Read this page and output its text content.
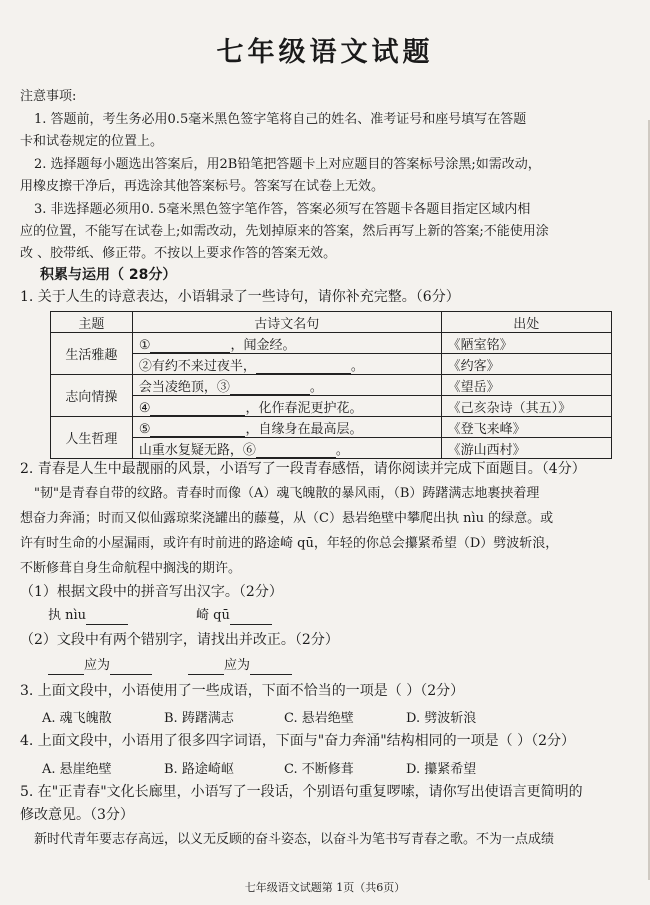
七年级语文试题
注意事项:
1. 答题前，考生务必用0.5毫米黑色签字笔将自己的姓名、准考证号和座号填写在答题
卡和试卷规定的位置上。
2. 选择题每小题选出答案后，用2B铅笔把答题卡上对应题目的答案标号涂黑;如需改动，
用橡皮擦干净后，再选涂其他答案标号。答案写在试卷上无效。
3. 非选择题必须用0. 5毫米黑色签字笔作答，答案必须写在答题卡各题目指定区域内相
应的位置，不能写在试卷上;如需改动，先划掉原来的答案，然后再写上新的答案;不能使用涂
改 、胶带纸、修正带。不按以上要求作答的答案无效。
积累与运用（ 28分）
1. 关于人生的诗意表达，小语辑录了一些诗句，请你补充完整。（6分）
主题	古诗文名句	出处
生活雅趣	① ，闻金经。	《陋室铭》
	②有约不来过夜半， 。	《约客》
志向情操	会当凌绝顶，③ 。	《望岳》
	④ ，化作春泥更护花。	《己亥杂诗（其五）》
人生哲理	⑤ ，自缘身在最高层。	《登飞来峰》
	山重水复疑无路，⑥ 。	《游山西村》
2. 青春是人生中最靓丽的风景，小语写了一段青春感悟，请你阅读并完成下面题目。（4分）
"韧"是青春自带的纹路。青春时而像（A）魂飞魄散的暴风雨，（B）踌躇满志地裹挟着理
想奋力奔涌；时而又似仙露琼桨浇罐出的藤蔓，从（C）悬岩绝壁中攀爬出执 nìu 的绿意。或
许有时生命的小屋漏雨，或许有时前进的路途崎 qū，年轻的你总会攥紧希望（D）劈波斩浪，
不断修葺自身生命航程中搁浅的期许。
（1）根据文段中的拼音写出汉字。（2分）
执 nìu	崎 qū
（2）文段中有两个错别字，请找出并改正。（2分）
应为	应为
3. 上面文段中，小语使用了一些成语，下面不恰当的一项是（ ）（2分）
A. 魂飞魄散	B. 踌躇满志	C. 悬岩绝壁	D. 劈波斩浪
4. 上面文段中，小语用了很多四字词语，下面与"奋力奔涌"结构相同的一项是（ ）（2分）
A. 悬崖绝壁	B. 路途崎岖	C. 不断修葺	D. 攥紧希望
5. 在"正青春"文化长廊里，小语写了一段话，个别语句重复啰嗦，请你写出使语言更简明的
修改意见。（3分）
新时代青年要志存高远，以义无反顾的奋斗姿态，以奋斗为笔书写青春之歌。不为一点成绩
七年级语文试题第 1页（共6页）
